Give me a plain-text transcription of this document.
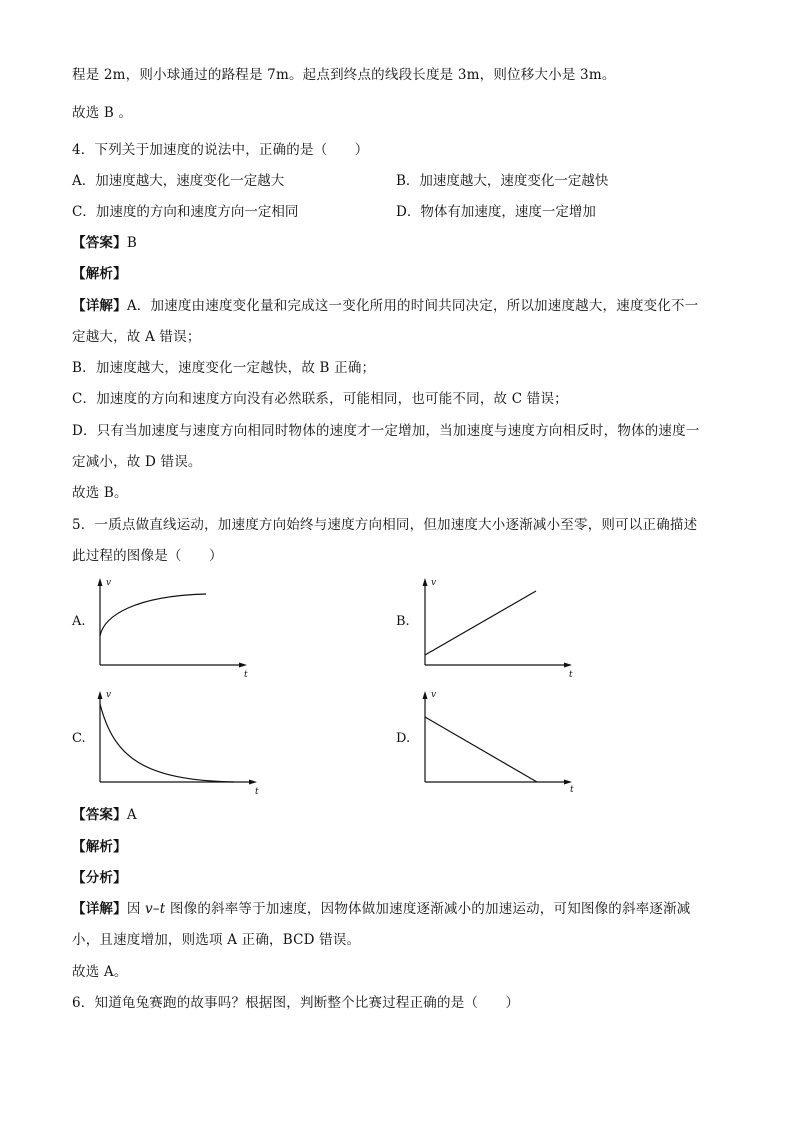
程是 2m，则小球通过的路程是 7m。起点到终点的线段长度是 3m，则位移大小是 3m。
故选 B 。
4．下列关于加速度的说法中，正确的是（　　）
A．加速度越大，速度变化一定越大	B．加速度越大，速度变化一定越快
C．加速度的方向和速度方向一定相同	D．物体有加速度，速度一定增加
【答案】B
【解析】
【详解】A．加速度由速度变化量和完成这一变化所用的时间共同决定，所以加速度越大，速度变化不一
定越大，故 A 错误；
B．加速度越大，速度变化一定越快，故 B 正确；
C．加速度的方向和速度方向没有必然联系，可能相同，也可能不同，故 C 错误；
D．只有当加速度与速度方向相同时物体的速度才一定增加，当加速度与速度方向相反时，物体的速度一
定减小，故 D 错误。
故选 B。
5．一质点做直线运动，加速度方向始终与速度方向相同，但加速度大小逐渐减小至零，则可以正确描述
此过程的图像是（　　）
A.
v
t
B.
v
t
C.
v
t
D.
v
t
【答案】A
【解析】
【分析】
【详解】因 v–t 图像的斜率等于加速度，因物体做加速度逐渐减小的加速运动，可知图像的斜率逐渐减
小，且速度增加，则选项 A 正确，BCD 错误。
故选 A。
6．知道龟兔赛跑的故事吗？根据图，判断整个比赛过程正确的是（　　）
